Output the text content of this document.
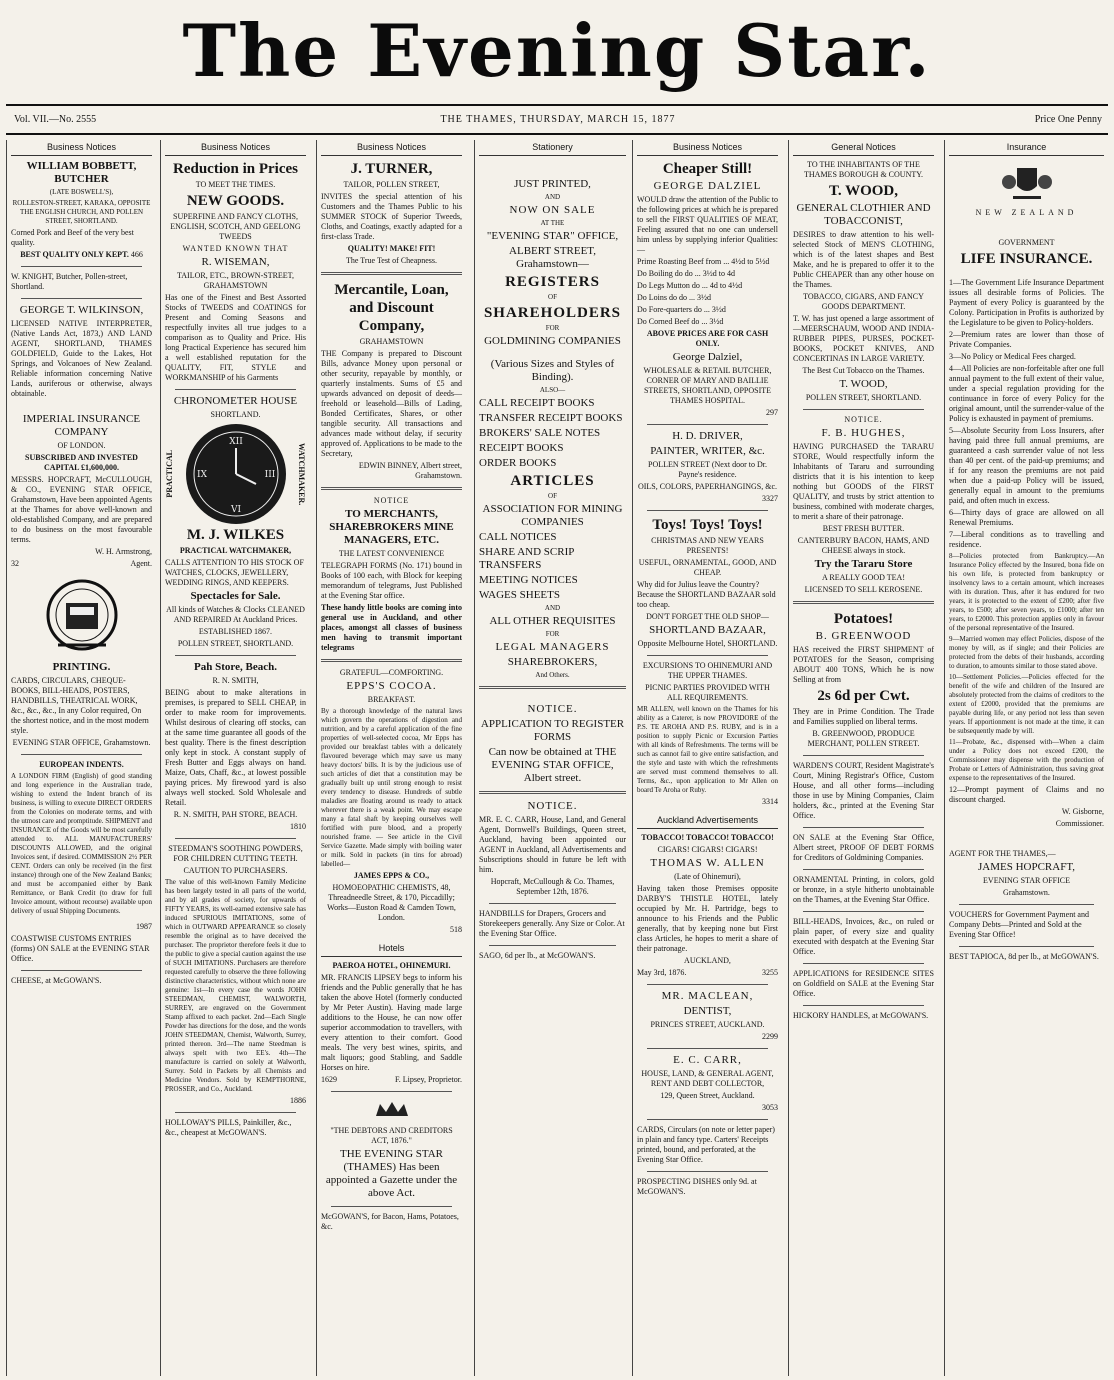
The Evening Star.
Vol. VII.—No. 2555	THE THAMES, THURSDAY, MARCH 15, 1877	Price One Penny
Business Notices

WILLIAM BOBBETT, BUTCHER

(LATE BOSWELL'S),

ROLLESTON-STREET, KARAKA, OPPOSITE THE ENGLISH CHURCH, AND POLLEN STREET, SHORTLAND.

Corned Pork and Beef of the very best quality.

BEST QUALITY ONLY KEPT. 466

W. KNIGHT, Butcher, Pollen-street, Shortland.

GEORGE T. WILKINSON,

LICENSED NATIVE INTERPRETER, (Native Lands Act, 1873,) AND LAND AGENT, SHORTLAND, THAMES GOLDFIELD, Guide to the Lakes, Hot Springs, and Volcanoes of New Zealand. Reliable information concerning Native Lands, auriferous or otherwise, always obtainable.

IMPERIAL INSURANCE COMPANY

OF LONDON.

SUBSCRIBED AND INVESTED CAPITAL £1,600,000.

MESSRS. HOPCRAFT, McCULLOUGH, & CO., EVENING STAR OFFICE, Grahamstown, Have been appointed Agents at the Thames for above well-known and old-established Company, and are prepared to do business on the most favourable terms.

W. H. Armstrong,

32	Agent.

PRINTING.

CARDS, CIRCULARS, CHEQUE-BOOKS, BILL-HEADS, POSTERS, HANDBILLS, THEATRICAL WORK, &c., &c., &c., In any Color required, On the shortest notice, and in the most modern style.

EVENING STAR OFFICE, Grahamstown.

EUROPEAN INDENTS.

A LONDON FIRM (English) of good standing and long experience in the Australian trade, wishing to extend the Indent branch of its business, is willing to execute DIRECT ORDERS from the Colonies on moderate terms, and with the utmost care and promptitude. SHIPMENT and INSURANCE of the Goods will be most carefully attended to. ALL MANUFACTURERS' DISCOUNTS ALLOWED, and the original Invoices sent, if desired. COMMISSION 2½ PER CENT. Orders can only be received (in the first instance) through one of the New Zealand Banks; and must be accompanied either by Bank Remittance, or Bank Credit (to draw for full Invoice amount, without recourse) available upon delivery of usual Shipping Documents.

1987

COASTWISE CUSTOMS ENTRIES (forms) ON SALE at the EVENING STAR Office.

CHEESE, at McGOWAN'S.

Business Notices

Reduction in Prices

TO MEET THE TIMES.

NEW GOODS.

SUPERFINE AND FANCY CLOTHS, ENGLISH, SCOTCH, AND GEELONG TWEEDS

WANTED KNOWN THAT

R. WISEMAN,

TAILOR, ETC., BROWN-STREET, GRAHAMSTOWN

Has one of the Finest and Best Assorted Stocks of TWEEDS and COATINGS for Present and Coming Seasons and respectfully invites all true judges to a comparison as to Quality and Price. His long Practical Experience has secured him a well established reputation for the QUALITY, FIT, STYLE and WORKMANSHIP of his Garments

CHRONOMETER HOUSE

SHORTLAND.

PRACTICAL
XII
III
VI
IX	WATCHMAKER.

M. J. WILKES

PRACTICAL WATCHMAKER,

CALLS ATTENTION TO HIS STOCK OF WATCHES, CLOCKS, JEWELLERY, WEDDING RINGS, AND KEEPERS.

Spectacles for Sale.

All kinds of Watches & Clocks CLEANED AND REPAIRED At Auckland Prices.

ESTABLISHED 1867.

POLLEN STREET, SHORTLAND.

Pah Store, Beach.

R. N. SMITH,

BEING about to make alterations in premises, is prepared to SELL CHEAP, in order to make room for improvements. Whilst desirous of clearing off stocks, can at the same time guarantee all goods of the best quality. There is the finest description only kept in stock. A constant supply of Fresh Butter and Eggs always on hand. Maize, Oats, Chaff, &c., at lowest possible paying prices. My firewood yard is also always well stocked. Sold Wholesale and Retail.

R. N. SMITH, PAH STORE, BEACH.

1810

STEEDMAN'S SOOTHING POWDERS, FOR CHILDREN CUTTING TEETH.

CAUTION TO PURCHASERS.

The value of this well-known Family Medicine has been largely tested in all parts of the world, and by all grades of society, for upwards of FIFTY YEARS, its well-earned extensive sale has induced SPURIOUS IMITATIONS, some of which in OUTWARD APPEARANCE so closely resemble the original as to have deceived the purchaser. The proprietor therefore feels it due to the public to give a special caution against the use of SUCH IMITATIONS. Purchasers are therefore requested carefully to observe the three following distinctive characteristics, without which none are genuine: 1st—In every case the words JOHN STEEDMAN, CHEMIST, WALWORTH, SURREY, are engraved on the Government Stamp affixed to each packet. 2nd—Each Single Powder has directions for the dose, and the words JOHN STEEDMAN, Chemist, Walworth, Surrey, printed thereon. 3rd—The name Steedman is always spelt with two EE's. 4th—The manufacture is carried on solely at Walworth, Surrey. Sold in Packets by all Chemists and Medicine Vendors. Sold by KEMPTHORNE, PROSSER, and Co., Auckland.

1886

HOLLOWAY'S PILLS, Painkiller, &c., &c., cheapest at McGOWAN'S.

Business Notices

J. TURNER,

TAILOR, POLLEN STREET,

INVITES the special attention of his Customers and the Thames Public to his SUMMER STOCK of Superior Tweeds, Cloths, and Coatings, exactly adapted for a first-class Trade.

QUALITY! MAKE! FIT!

The True Test of Cheapness.

Mercantile, Loan, and Discount Company,

GRAHAMSTOWN

THE Company is prepared to Discount Bills, advance Money upon personal or other security, repayable by monthly, or quarterly instalments. Sums of £5 and upwards advanced on deposit of deeds—freehold or leasehold—Bills of Lading, Bonded Certificates, Shares, or other tangible security. All transactions and advances made without delay, if security approved of. Applications to be made to the Secretary,

EDWIN BINNEY, Albert street, Grahamstown.

NOTICE

TO MERCHANTS, SHAREBROKERS MINE MANAGERS, ETC.

THE LATEST CONVENIENCE

TELEGRAPH FORMS (No. 171) bound in Books of 100 each, with Block for keeping memorandum of telegrams, Just Published at the Evening Star office.

These handy little books are coming into general use in Auckland, and other places, amongst all classes of business men having to transmit important telegrams

GRATEFUL—COMFORTING.

EPPS'S COCOA.

BREAKFAST.

By a thorough knowledge of the natural laws which govern the operations of digestion and nutrition, and by a careful application of the fine properties of well-selected cocoa, Mr Epps has provided our breakfast tables with a delicately flavoured beverage which may save us many heavy doctors' bills. It is by the judicious use of such articles of diet that a constitution may be gradually built up until strong enough to resist every tendency to disease. Hundreds of subtle maladies are floating around us ready to attack wherever there is a weak point. We may escape many a fatal shaft by keeping ourselves well fortified with pure blood, and a properly nourished frame. — See article in the Civil Service Gazette. Made simply with boiling water or milk. Sold in packets (in tins for abroad) labelled—

JAMES EPPS & CO.,

HOMOEOPATHIC CHEMISTS, 48, Threadneedle Street, & 170, Piccadilly; Works—Euston Road & Camden Town, London.

518

Hotels

PAEROA HOTEL, OHINEMURI.

MR. FRANCIS LIPSEY begs to inform his friends and the Public generally that he has taken the above Hotel (formerly conducted by Mr Peter Austin). Having made large additions to the House, he can now offer superior accommodation to travellers, with every attention to their comfort. Good meals. The very best wines, spirits, and malt liquors; good Stabling, and Saddle Horses on hire.

1629	F. Lipsey, Proprietor.

"THE DEBTORS AND CREDITORS ACT, 1876."

THE EVENING STAR (THAMES) Has been appointed a Gazette under the above Act.

McGOWAN'S, for Bacon, Hams, Potatoes, &c.

Stationery

JUST PRINTED,

AND

NOW ON SALE

AT THE

"EVENING STAR" OFFICE,

ALBERT STREET, Grahamstown—

REGISTERS

OF

SHAREHOLDERS

FOR

GOLDMINING COMPANIES

(Various Sizes and Styles of Binding).

ALSO—

CALL RECEIPT BOOKS

TRANSFER RECEIPT BOOKS

BROKERS' SALE NOTES

RECEIPT BOOKS

ORDER BOOKS

ARTICLES

OF

ASSOCIATION FOR MINING COMPANIES

CALL NOTICES

SHARE AND SCRIP TRANSFERS

MEETING NOTICES

WAGES SHEETS

AND

ALL OTHER REQUISITES

FOR

LEGAL MANAGERS

SHAREBROKERS,

And Others.

NOTICE.

APPLICATION TO REGISTER FORMS

Can now be obtained at THE EVENING STAR OFFICE, Albert street.

NOTICE.

MR. E. C. CARR, House, Land, and General Agent, Dornwell's Buildings, Queen street, Auckland, having been appointed our AGENT in Auckland, all Advertisements and Subscriptions should in future be left with him.

Hopcraft, McCullough & Co. Thames, September 12th, 1876.

HANDBILLS for Drapers, Grocers and Storekeepers generally. Any Size or Color. At the Evening Star Office.

SAGO, 6d per lb., at McGOWAN'S.

Business Notices

Cheaper Still!

GEORGE DALZIEL

WOULD draw the attention of the Public to the following prices at which he is prepared to sell the FIRST QUALITIES OF MEAT, Feeling assured that no one can undersell him unless by supplying inferior Qualities:—

Prime Roasting Beef from ... 4½d to 5½d

Do Boiling do do ... 3½d to 4d

Do Legs Mutton do ... 4d to 4½d

Do Loins do do ... 3½d

Do Fore-quarters do ... 3½d

Do Corned Beef do ... 3½d

ABOVE PRICES ARE FOR CASH ONLY.

George Dalziel,

WHOLESALE & RETAIL BUTCHER, CORNER OF MARY AND BAILLIE STREETS, SHORTLAND, OPPOSITE THAMES HOSPITAL.

297

H. D. DRIVER,

PAINTER, WRITER, &c.

POLLEN STREET (Next door to Dr. Payne's residence.

OILS, COLORS, PAPERHANGINGS, &c.

3327

Toys! Toys! Toys!

CHRISTMAS AND NEW YEARS PRESENTS!

USEFUL, ORNAMENTAL, GOOD, AND CHEAP.

Why did for Julius leave the Country? Because the SHORTLAND BAZAAR sold too cheap.

DON'T FORGET THE OLD SHOP—

SHORTLAND BAZAAR,

Opposite Melbourne Hotel, SHORTLAND.

EXCURSIONS TO OHINEMURI AND THE UPPER THAMES.

PICNIC PARTIES PROVIDED WITH ALL REQUIREMENTS.

MR ALLEN, well known on the Thames for his ability as a Caterer, is now PROVIDORE of the P.S. TE AROHA AND P.S. RUBY, and is in a position to supply Picnic or Excursion Parties with all kinds of Refreshments. The terms will be such as cannot fail to give entire satisfaction, and the style and taste with which the refreshments are served must commend themselves to all. Terms, &c., upon application to Mr Allen on board Te Aroha or Ruby.

3314

Auckland Advertisements

TOBACCO! TOBACCO! TOBACCO!

CIGARS! CIGARS! CIGARS!

THOMAS W. ALLEN

(Late of Ohinemuri),

Having taken those Premises opposite DARBY'S THISTLE HOTEL, lately occupied by Mr. H. Partridge, begs to announce to his Friends and the Public generally, that by keeping none but First class Articles, he hopes to merit a share of their patronage.

AUCKLAND,

May 3rd, 1876.	3255

MR. MACLEAN,

DENTIST,

PRINCES STREET, AUCKLAND.

2299

E. C. CARR,

HOUSE, LAND, & GENERAL AGENT, RENT AND DEBT COLLECTOR,

129, Queen Street, Auckland.

3053

CARDS, Circulars (on note or letter paper) in plain and fancy type. Carters' Receipts printed, bound, and perforated, at the Evening Star Office.

PROSPECTING DISHES only 9d. at McGOWAN'S.

General Notices

TO THE INHABITANTS OF THE THAMES BOROUGH & COUNTY.

T. WOOD,

GENERAL CLOTHIER AND TOBACCONIST,

DESIRES to draw attention to his well-selected Stock of MEN'S CLOTHING, which is of the latest shapes and Best Make, and he is prepared to offer it to the Public CHEAPER than any other house on the Thames.

TOBACCO, CIGARS, AND FANCY GOODS DEPARTMENT.

T. W. has just opened a large assortment of—MEERSCHAUM, WOOD AND INDIA-RUBBER PIPES, PURSES, POCKET-BOOKS, POCKET KNIVES, AND CONCERTINAS IN LARGE VARIETY.

The Best Cut Tobacco on the Thames.

T. WOOD,

POLLEN STREET, SHORTLAND.

NOTICE.

F. B. HUGHES,

HAVING PURCHASED the TARARU STORE, Would respectfully inform the Inhabitants of Tararu and surrounding districts that it is his intention to keep nothing but GOODS of the FIRST QUALITY, and trusts by strict attention to business, combined with moderate charges, to merit a share of their patronage.

BEST FRESH BUTTER.

CANTERBURY BACON, HAMS, AND CHEESE always in stock.

Try the Tararu Store

A REALLY GOOD TEA!

LICENSED TO SELL KEROSENE.

Potatoes!

B. GREENWOOD

HAS received the FIRST SHIPMENT of POTATOES for the Season, comprising ABOUT 400 TONS, Which he is now Selling at from

2s 6d per Cwt.

They are in Prime Condition. The Trade and Families supplied on liberal terms.

B. GREENWOOD, PRODUCE MERCHANT, POLLEN STREET.

WARDEN'S COURT, Resident Magistrate's Court, Mining Registrar's Office, Custom House, and all other forms—including those in use by Mining Companies, Claim holders, &c., printed at the Evening Star Office.

ON SALE at the Evening Star Office, Albert street, PROOF OF DEBT FORMS for Creditors of Goldmining Companies.

ORNAMENTAL Printing, in colors, gold or bronze, in a style hitherto unobtainable on the Thames, at the Evening Star Office.

BILL-HEADS, Invoices, &c., on ruled or plain paper, of every size and quality executed with despatch at the Evening Star Office.

APPLICATIONS for RESIDENCE SITES on Goldfield on SALE at the Evening Star Office.

HICKORY HANDLES, at McGOWAN'S.

Insurance

NEW ZEALAND

GOVERNMENT

LIFE INSURANCE.

1—The Government Life Insurance Department issues all desirable forms of Policies. The Payment of every Policy is guaranteed by the Colony. Participation in Profits is authorized by the Legislature to be given to Policy-holders.

2—Premium rates are lower than those of Private Companies.

3—No Policy or Medical Fees charged.

4—All Policies are non-forfeitable after one full annual payment to the full extent of their value, under a special regulation providing for the continuance in force of every Policy for the original amount, until the surrender-value of the Policy is exhausted in payment of premiums.

5—Absolute Security from Loss Insurers, after having paid three full annual premiums, are guaranteed a cash surrender value of not less than 40 per cent. of the paid-up premiums; and if for any reason the premiums are not paid when due a paid-up Policy will be issued, generally equal in amount to the premiums paid, and often much in excess.

6—Thirty days of grace are allowed on all Renewal Premiums.

7—Liberal conditions as to travelling and residence.

8—Policies protected from Bankruptcy.—An Insurance Policy effected by the Insured, bona fide on his own life, is protected from bankruptcy or insolvency laws to a certain amount, which increases with its duration. Thus, after it has endured for two years, it is protected to the extent of £200; after five years, to £500; after seven years, to £1000; after ten years, to £2000. This protection applies only in favour of the personal representative of the Insured.

9—Married women may effect Policies, dispose of the money by will, as if single; and their Policies are protected from the debts of their husbands, according to duration, to amounts similar to those stated above.

10—Settlement Policies.—Policies effected for the benefit of the wife and children of the Insured are absolutely protected from the claims of creditors to the extent of £2000, provided that the premiums are payable during life, or any period not less than seven years. If apportionment is not made at the time, it can be subsequently made by will.

11—Probate, &c., dispensed with—When a claim under a Policy does not exceed £200, the Commissioner may dispense with the production of Probate or Letters of Administration, thus saving great expense to the representatives of the Insured.

12—Prompt payment of Claims and no discount charged.

W. Gisborne,

Commissioner.

AGENT FOR THE THAMES,—

JAMES HOPCRAFT,

EVENING STAR OFFICE

Grahamstown.

VOUCHERS for Government Payment and Company Debts—Printed and Sold at the Evening Star Office!

BEST TAPIOCA, 8d per lb., at McGOWAN'S.
